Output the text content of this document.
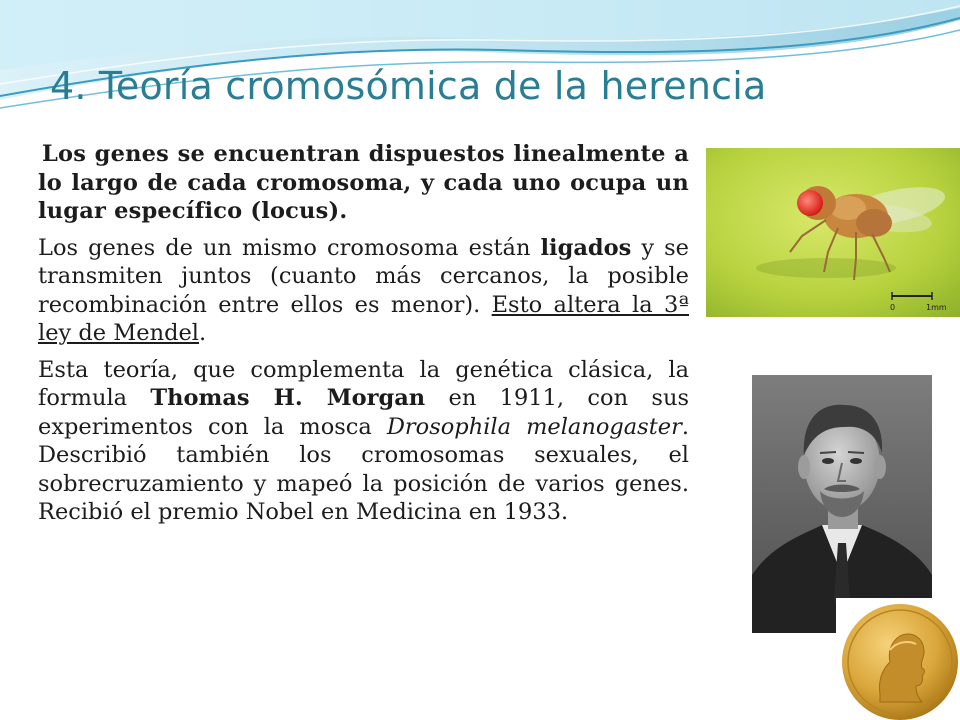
4. Teoría cromosómica de la herencia

Los genes se encuentran dispuestos linealmente a lo largo de cada cromosoma, y cada uno ocupa un lugar específico (locus).

Los genes de un mismo cromosoma están ligados y se transmiten juntos (cuanto más cercanos, la posible recombinación entre ellos es menor). Esto altera la 3ª ley de Mendel.

Esta teoría, que complementa la genética clásica, la formula Thomas H. Morgan en 1911, con sus experimentos con la mosca Drosophila melanogaster. Describió también los cromosomas sexuales, el sobrecruzamiento y mapeó la posición de varios genes. Recibió el premio Nobel en Medicina en 1933.

0	1mm
